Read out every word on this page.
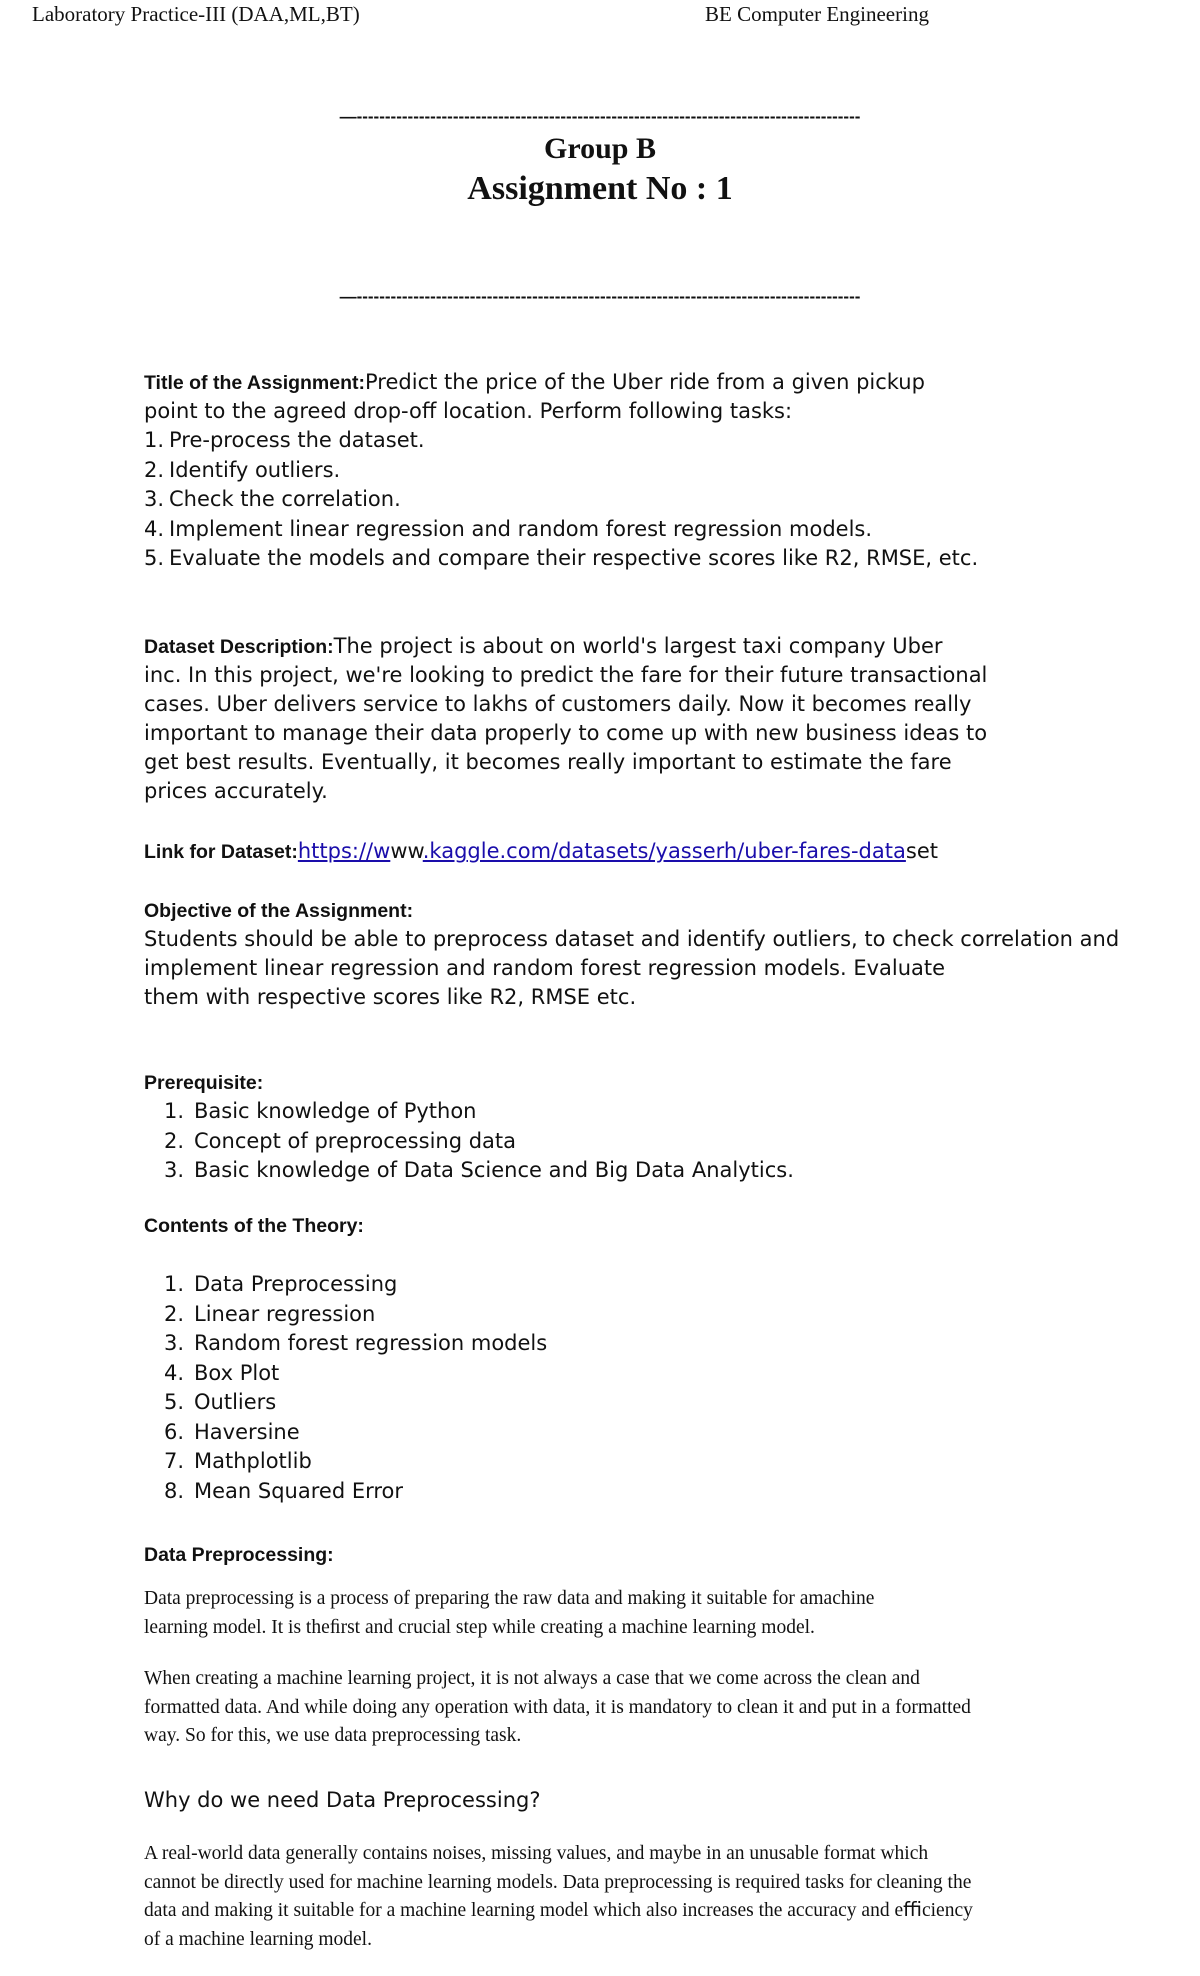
Laboratory Practice-III (DAA,ML,BT)	BE Computer Engineering
—-----------------------------------------------------------------------------------------
Group B
Assignment No : 1
—-----------------------------------------------------------------------------------------
Title of the Assignment:Predict the price of the Uber ride from a given pickup
point to the agreed drop-off location. Perform following tasks:
1. Pre-process the dataset.
2. Identify outliers.
3. Check the correlation.
4. Implement linear regression and random forest regression models.
5. Evaluate the models and compare their respective scores like R2, RMSE, etc.
Dataset Description:The project is about on world's largest taxi company Uber
inc. In this project, we're looking to predict the fare for their future transactional
cases. Uber delivers service to lakhs of customers daily. Now it becomes really
important to manage their data properly to come up with new business ideas to
get best results. Eventually, it becomes really important to estimate the fare
prices accurately.
Link for Dataset:https://www.kaggle.com/datasets/yasserh/uber-fares-dataset
Objective of the Assignment:
Students should be able to preprocess dataset and identify outliers, to check correlation and
implement linear regression and random forest regression models. Evaluate
them with respective scores like R2, RMSE etc.
Prerequisite:
1. Basic knowledge of Python
2. Concept of preprocessing data
3. Basic knowledge of Data Science and Big Data Analytics.
Contents of the Theory:
1. Data Preprocessing
2. Linear regression
3. Random forest regression models
4. Box Plot
5. Outliers
6. Haversine
7. Mathplotlib
8. Mean Squared Error
Data Preprocessing:
Data preprocessing is a process of preparing the raw data and making it suitable for amachine
learning model. It is theﬁrst and crucial step while creating a machine learning model.
When creating a machine learning project, it is not always a case that we come across the clean and
formatted data. And while doing any operation with data, it is mandatory to clean it and put in a formatted
way. So for this, we use data preprocessing task.
Why do we need Data Preprocessing?
A real-world data generally contains noises, missing values, and maybe in an unusable format which
cannot be directly used for machine learning models. Data preprocessing is required tasks for cleaning the
data and making it suitable for a machine learning model which also increases the accuracy and eﬃciency
of a machine learning model.
